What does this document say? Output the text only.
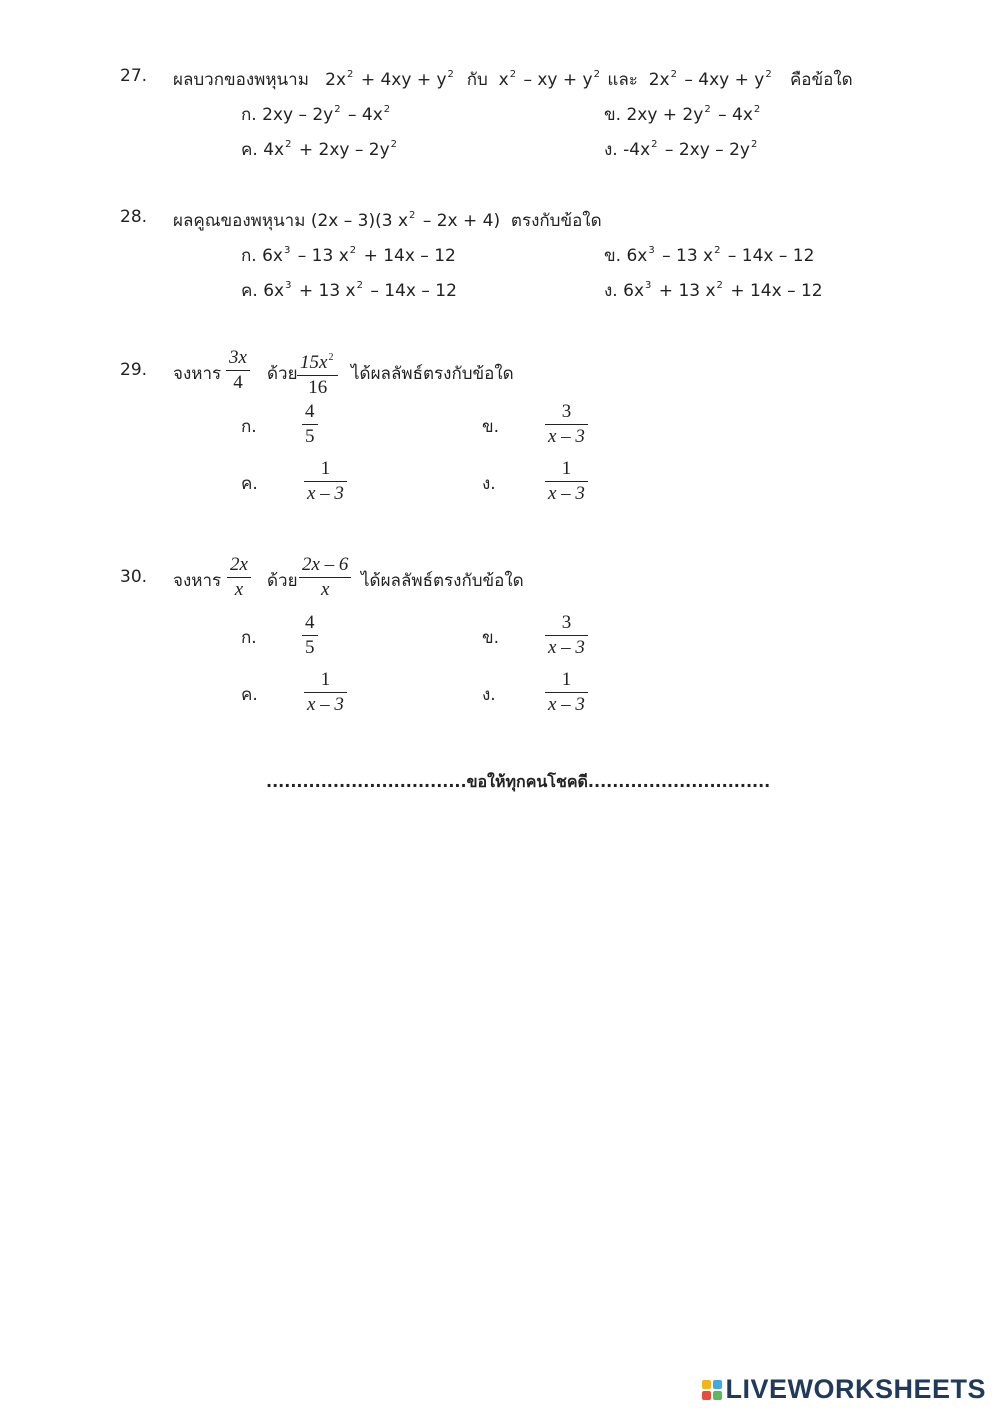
27. ผลบวกของพหุนาม $2x^2 + 4xy + y^2$ กับ $x^2$ – xy + $y^2$ และ $2x^2 - 4xy + y^2$ คือข้อใด
ก. $2xy - 2y^2 - 4x^2$	ข. $2xy + 2y^2 - 4x^2$
ค. $4x^2 + 2xy - 2y^2$	ง. $-4x^2 - 2xy - 2y^2$
28. ผลคูณของพหุนาม (2x – 3)(3 $x^2 - 2x + 4$) ตรงกับข้อใด
ก. $6x^3 - 13$ $x^2 + 14x - 12$	ข. $6x^3 - 13$ $x^2 - 14x - 12$
ค. $6x^3 + 13$ $x^2 - 14x - 12$	ง. $6x^3 + 13$ $x^2 + 14x - 12$
29. จงหาร
3x
4 ด้วย
$15x^2$
16
ได้ผลลัพธ์ตรงกับข้อใด
ก.
4
5	ข.
3
x – 3
ค.
1
x – 3	ง.
1
x – 3
30. จงหาร
2x
x ด้วย
2x – 6
x ได้ผลลัพธ์ตรงกับข้อใด
ก.
4
5	ข.
3
x – 3
ค.
1
x – 3	ง.
1
x – 3
.................................ขอให้ทุกคนโชคดี..............................
LIVEWORKSHEETS
